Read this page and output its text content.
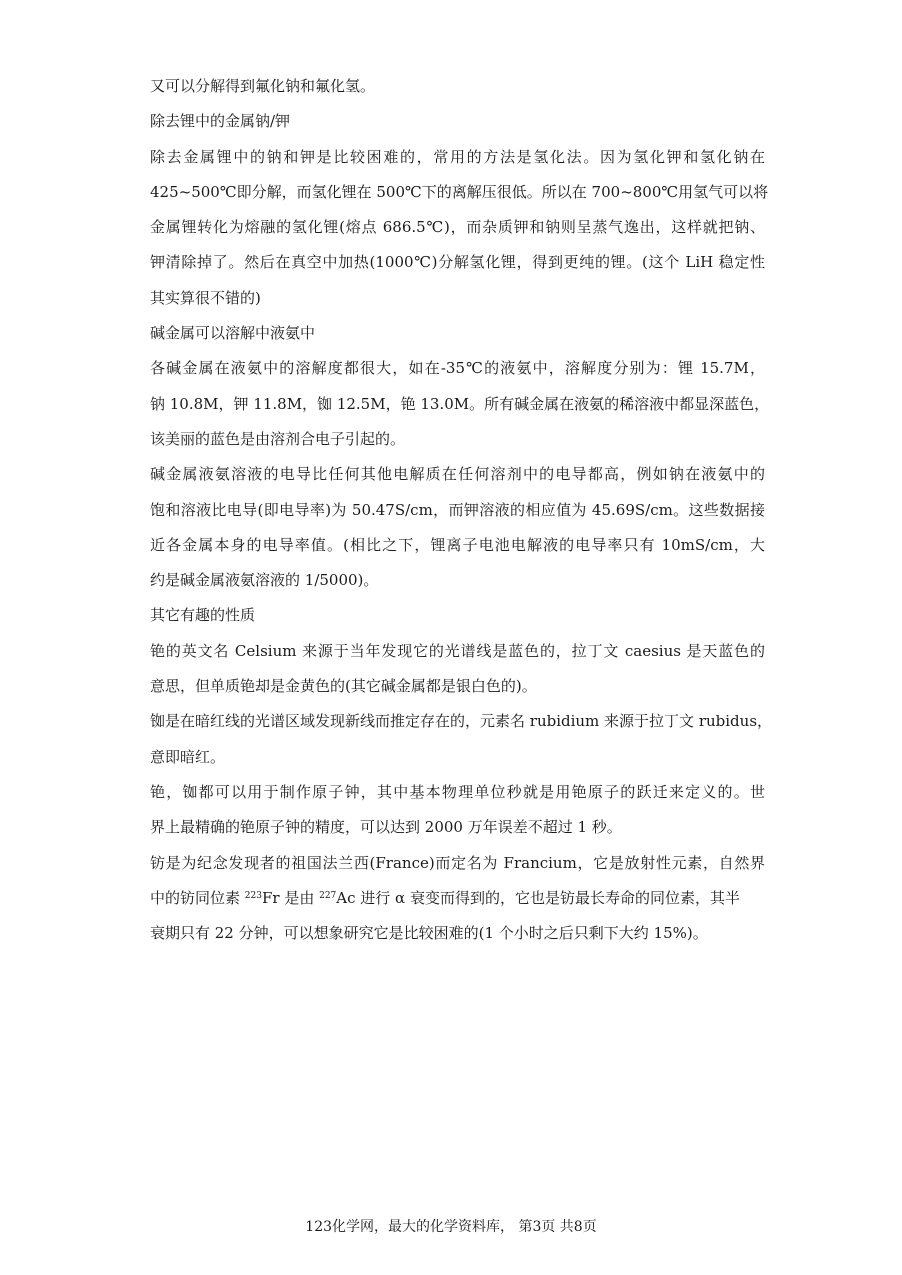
又可以分解得到氟化钠和氟化氢。
除去锂中的金属钠/钾
除去金属锂中的钠和钾是比较困难的，常用的方法是氢化法。因为氢化钾和氢化钠在
425~500℃即分解，而氢化锂在 500℃下的离解压很低。所以在 700~800℃用氢气可以将
金属锂转化为熔融的氢化锂(熔点 686.5℃)，而杂质钾和钠则呈蒸气逸出，这样就把钠、
钾清除掉了。然后在真空中加热(1000℃)分解氢化锂，得到更纯的锂。(这个 LiH 稳定性
其实算很不错的)
碱金属可以溶解中液氨中
各碱金属在液氨中的溶解度都很大，如在-35℃的液氨中，溶解度分别为：锂 15.7M，
钠 10.8M，钾 11.8M，铷 12.5M，铯 13.0M。所有碱金属在液氨的稀溶液中都显深蓝色，
该美丽的蓝色是由溶剂合电子引起的。
碱金属液氨溶液的电导比任何其他电解质在任何溶剂中的电导都高，例如钠在液氨中的
饱和溶液比电导(即电导率)为 50.47S/cm，而钾溶液的相应值为 45.69S/cm。这些数据接
近各金属本身的电导率值。(相比之下，锂离子电池电解液的电导率只有 10mS/cm，大
约是碱金属液氨溶液的 1/5000)。
其它有趣的性质
铯的英文名 Celsium 来源于当年发现它的光谱线是蓝色的，拉丁文 caesius 是天蓝色的
意思，但单质铯却是金黄色的(其它碱金属都是银白色的)。
铷是在暗红线的光谱区域发现新线而推定存在的，元素名 rubidium 来源于拉丁文 rubidus，
意即暗红。
铯，铷都可以用于制作原子钟，其中基本物理单位秒就是用铯原子的跃迁来定义的。世
界上最精确的铯原子钟的精度，可以达到 2000 万年误差不超过 1 秒。
钫是为纪念发现者的祖国法兰西(France)而定名为 Francium，它是放射性元素，自然界
中的钫同位素 $^{223}$Fr 是由 $^{227}$Ac 进行 α 衰变而得到的，它也是钫最长寿命的同位素，其半
衰期只有 22 分钟，可以想象研究它是比较困难的(1 个小时之后只剩下大约 15%)。
123化学网，最大的化学资料库， 第3页 共8页
